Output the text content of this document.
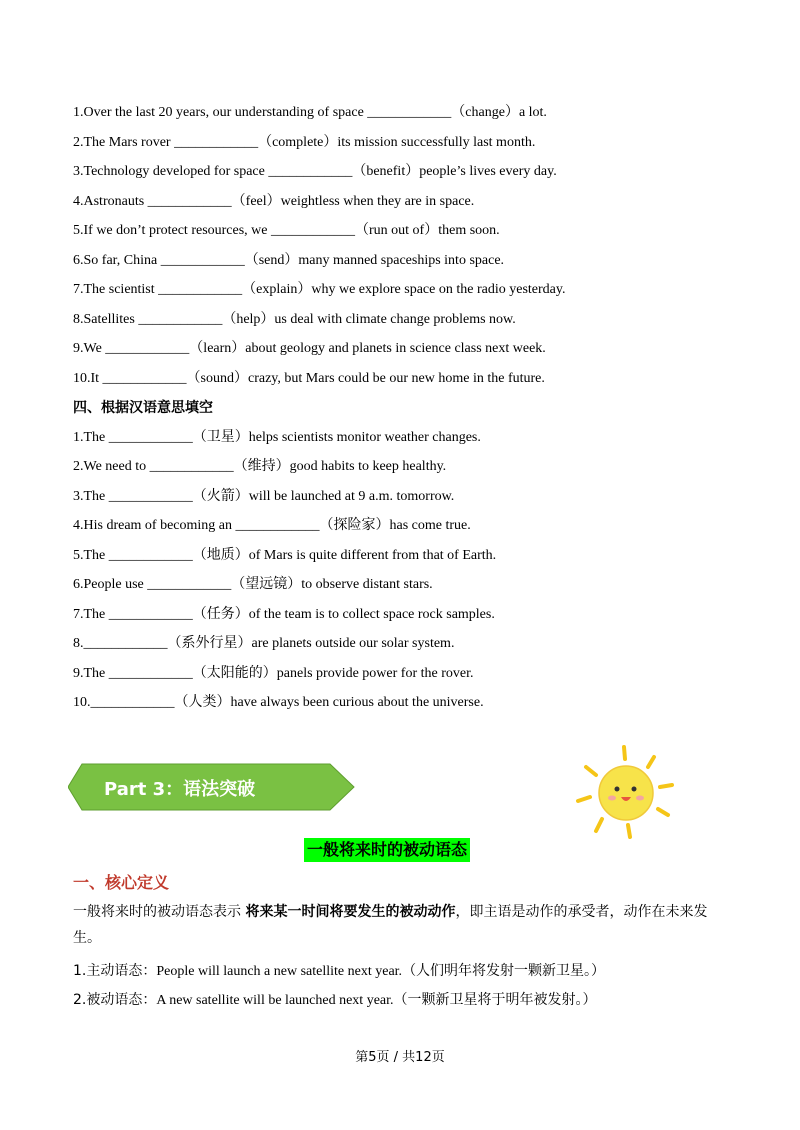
1.Over the last 20 years, our understanding of space ____________（change）a lot.
2.The Mars rover ____________（complete）its mission successfully last month.
3.Technology developed for space ____________（benefit）people’s lives every day.
4.Astronauts ____________（feel）weightless when they are in space.
5.If we don’t protect resources, we ____________（run out of）them soon.
6.So far, China ____________（send）many manned spaceships into space.
7.The scientist ____________（explain）why we explore space on the radio yesterday.
8.Satellites ____________（help）us deal with climate change problems now.
9.We ____________（learn）about geology and planets in science class next week.
10.It ____________（sound）crazy, but Mars could be our new home in the future.
四、根据汉语意思填空
1.The ____________（卫星）helps scientists monitor weather changes.
2.We need to ____________（维持）good habits to keep healthy.
3.The ____________（火箭）will be launched at 9 a.m. tomorrow.
4.His dream of becoming an ____________（探险家）has come true.
5.The ____________（地质）of Mars is quite different from that of Earth.
6.People use ____________（望远镜）to observe distant stars.
7.The ____________（任务）of the team is to collect space rock samples.
8.____________（系外行星）are planets outside our solar system.
9.The ____________（太阳能的）panels provide power for the rover.
10.____________（人类）have always been curious about the universe.
Part 3：语法突破
一般将来时的被动语态
一、核心定义
一般将来时的被动语态表示 将来某一时间将要发生的被动动作，即主语是动作的承受者，动作在未来发生。
1.主动语态：People will launch a new satellite next year.（人们明年将发射一颗新卫星。）
2.被动语态：A new satellite will be launched next year.（一颗新卫星将于明年被发射。）
第5页 / 共12页
